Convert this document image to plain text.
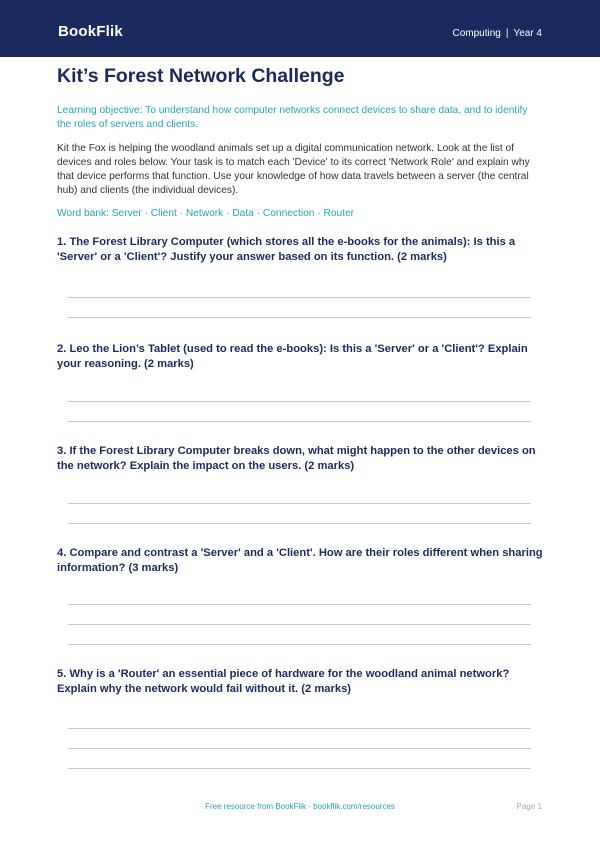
BookFlik	Computing | Year 4
Kit’s Forest Network Challenge

Learning objective: To understand how computer networks connect devices to share data, and to identify the roles of servers and clients.

Kit the Fox is helping the woodland animals set up a digital communication network. Look at the list of devices and roles below. Your task is to match each 'Device' to its correct 'Network Role' and explain why that device performs that function. Use your knowledge of how data travels between a server (the central hub) and clients (the individual devices).

Word bank: Server · Client · Network · Data · Connection · Router

1. The Forest Library Computer (which stores all the e-books for the animals): Is this a 'Server' or a 'Client'? Justify your answer based on its function. (2 marks)

2. Leo the Lion’s Tablet (used to read the e-books): Is this a 'Server' or a 'Client'? Explain your reasoning. (2 marks)

3. If the Forest Library Computer breaks down, what might happen to the other devices on the network? Explain the impact on the users. (2 marks)

4. Compare and contrast a 'Server' and a 'Client'. How are their roles different when sharing information? (3 marks)

5. Why is a 'Router' an essential piece of hardware for the woodland animal network? Explain why the network would fail without it. (2 marks)

Free resource from BookFlik · bookflik.com/resources	Page 1
